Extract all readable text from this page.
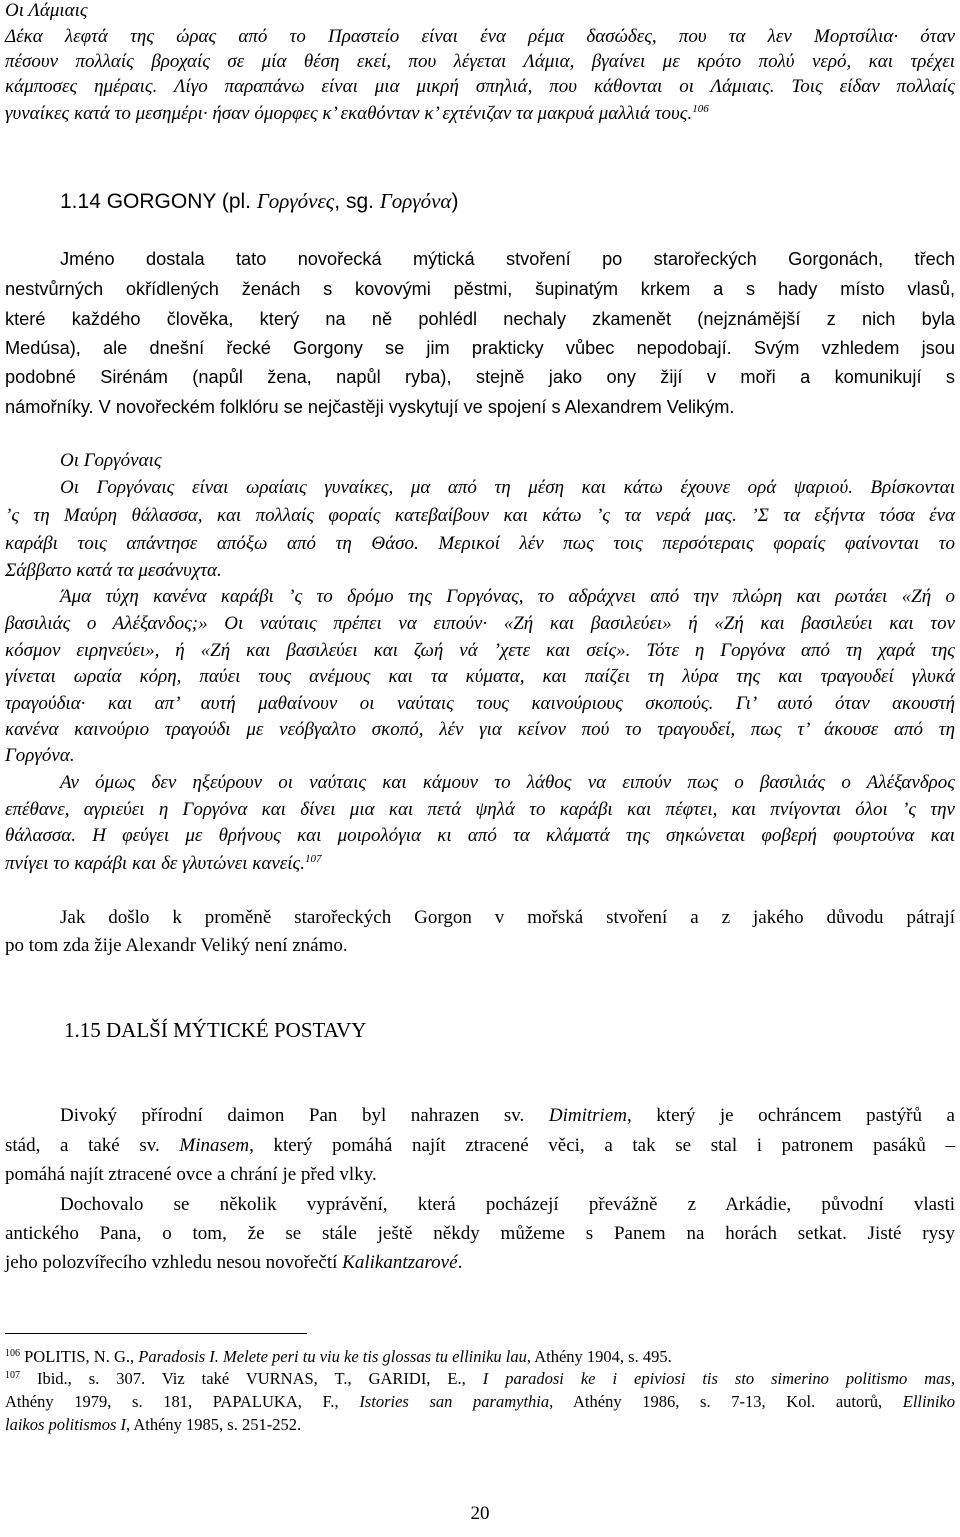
Οι Λάμιαις
Δέκα λεφτά της ώρας από το Πραστείο είναι ένα ρέμα δασώδες, που τα λεν Μορτσίλια· όταν
πέσουν πολλαίς βροχαίς σε μία θέση εκεί, που λέγεται Λάμια, βγαίνει με κρότο πολύ νερό, και τρέχει
κάμποσες ημέραις. Λίγο παραπάνω είναι μια μικρή σπηλιά, που κάθονται οι Λάμιαις. Τοις είδαν πολλαίς
γυναίκες κατά το μεσημέρι· ήσαν όμορφες κ’ εκαθόνταν κ’ εχτένιζαν τα μακρυά μαλλιά τους.$^{106}$
1.14 GORGONY (pl. Γοργόνες, sg. Γοργόνα)
Jméno dostala tato novořecká mýtická stvoření po starořeckých Gorgonách, třech
nestvůrných okřídlených ženách s kovovými pěstmi, šupinatým krkem a s hady místo vlasů,
které každého člověka, který na ně pohlédl nechaly zkamenět (nejznámější z nich byla
Medúsa), ale dnešní řecké Gorgony se jim prakticky vůbec nepodobají. Svým vzhledem jsou
podobné Sirénám (napůl žena, napůl ryba), stejně jako ony žijí v moři a komunikují s
námořníky. V novořeckém folklóru se nejčastěji vyskytují ve spojení s Alexandrem Velikým.
Οι Γοργόναις
Οι Γοργόναις είναι ωραίαις γυναίκες, μα από τη μέση και κάτω έχουνε ορά ψαριού. Βρίσκονται
’ς τη Μαύρη θάλασσα, και πολλαίς φοραίς κατεβαίβουν και κάτω ’ς τα νερά μας. ’Σ τα εξήντα τόσα ένα
καράβι τοις απάντησε απόξω από τη Θάσο. Μερικοί λέν πως τοις περσότεραις φοραίς φαίνονται το
Σάββατο κατά τα μεσάνυχτα.
Άμα τύχη κανένα καράβι ’ς το δρόμο της Γοργόνας, το αδράχνει από την πλώρη και ρωτάει «Ζή ο
βασιλιάς ο Αλέξανδος;» Οι ναύταις πρέπει να ειπούν· «Ζή και βασιλεύει» ή «Ζή και βασιλεύει και τον
κόσμον ειρηνεύει», ή «Ζή και βασιλεύει και ζωή νά ’χετε και σείς». Τότε η Γοργόνα από τη χαρά της
γίνεται ωραία κόρη, παύει τους ανέμους και τα κύματα, και παίζει τη λύρα της και τραγουδεί γλυκά
τραγούδια· και απ’ αυτή μαθαίνουν οι ναύταις τους καινούριους σκοπούς. Γι’ αυτό όταν ακουστή
κανένα καινούριο τραγούδι με νεόβγαλτο σκοπό, λέν για κείνον πού το τραγουδεί, πως τ’ άκουσε από τη
Γοργόνα.
Αν όμως δεν ηξεύρουν οι ναύταις και κάμουν το λάθος να ειπούν πως ο βασιλιάς ο Αλέξανδρος
επέθανε, αγριεύει η Γοργόνα και δίνει μια και πετά ψηλά το καράβι και πέφτει, και πνίγονται όλοι ’ς την
θάλασσα. Η φεύγει με θρήνους και μοιρολόγια κι από τα κλάματά της σηκώνεται φοβερή φουρτούνα και
πνίγει το καράβι και δε γλυτώνει κανείς.$^{107}$
Jak došlo k proměně starořeckých Gorgon v mořská stvoření a z jakého důvodu pátrají
po tom zda žije Alexandr Veliký není známo.
1.15 DALŠÍ MÝTICKÉ POSTAVY
Divoký přírodní daimon Pan byl nahrazen sv. Dimitriem, který je ochráncem pastýřů a
stád, a také sv. Minasem, který pomáhá najít ztracené věci, a tak se stal i patronem pasáků –
pomáhá najít ztracené ovce a chrání je před vlky.
Dochovalo se několik vyprávění, která pocházejí převážně z Arkádie, původní vlasti
antického Pana, o tom, že se stále ještě někdy můžeme s Panem na horách setkat. Jisté rysy
jeho polozvířecího vzhledu nesou novořečtí Kalikantzarové.
$^{106}$ POLITIS, N. G., Paradosis I. Melete peri tu viu ke tis glossas tu elliniku lau, Athény 1904, s. 495.
$^{107}$ Ibid., s. 307. Viz také VURNAS, T., GARIDI, E., I paradosi ke i epiviosi tis sto simerino politismo mas,
Athény 1979, s. 181, PAPALUKA, F., Istories san paramythia, Athény 1986, s. 7-13, Kol. autorů, Elliniko
laikos politismos I, Athény 1985, s. 251-252.
20
